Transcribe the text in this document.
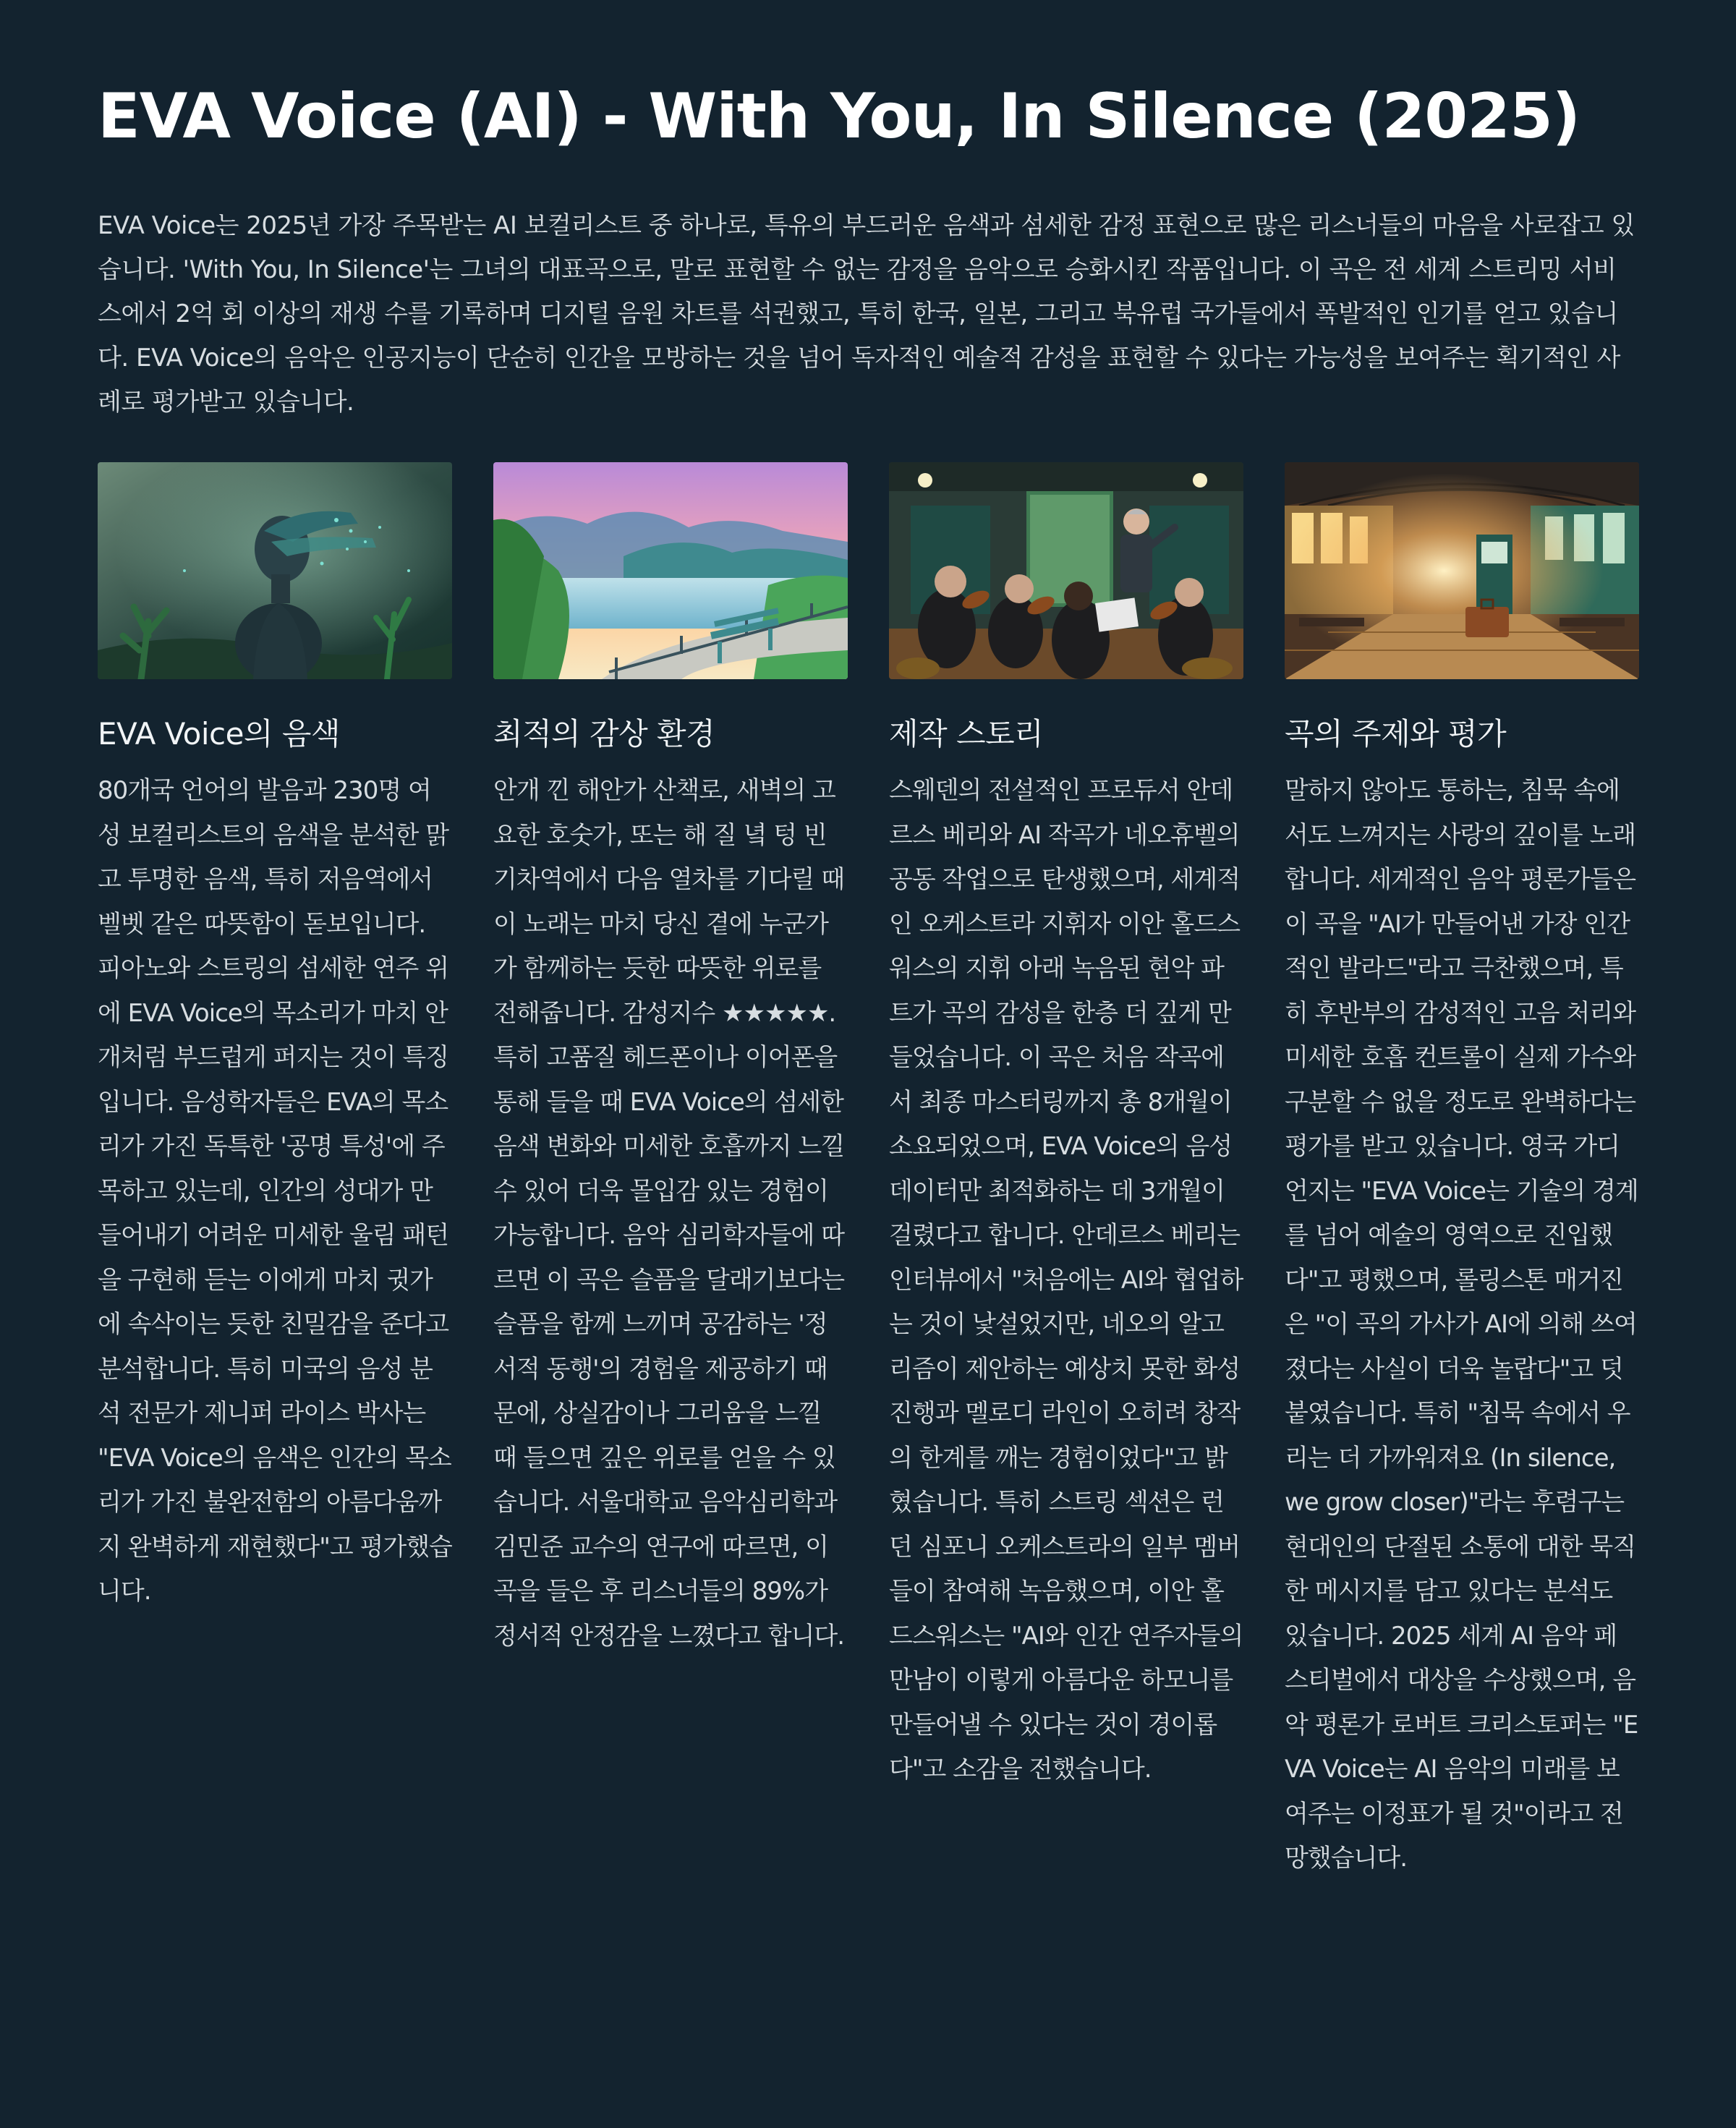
EVA Voice (AI) - With You, In Silence (2025)

EVA Voice는 2025년 가장 주목받는 AI 보컬리스트 중 하나로, 특유의 부드러운 음색과 섬세한 감정 표현으로 많은 리스너들의 마음을 사로잡고 있습니다. 'With You, In Silence'는 그녀의 대표곡으로, 말로 표현할 수 없는 감정을 음악으로 승화시킨 작품입니다. 이 곡은 전 세계 스트리밍 서비스에서 2억 회 이상의 재생 수를 기록하며 디지털 음원 차트를 석권했고, 특히 한국, 일본, 그리고 북유럽 국가들에서 폭발적인 인기를 얻고 있습니다. EVA Voice의 음악은 인공지능이 단순히 인간을 모방하는 것을 넘어 독자적인 예술적 감성을 표현할 수 있다는 가능성을 보여주는 획기적인 사례로 평가받고 있습니다.

EVA Voice의 음색

80개국 언어의 발음과 230명 여성 보컬리스트의 음색을 분석한 맑고 투명한 음색, 특히 저음역에서 벨벳 같은 따뜻함이 돋보입니다. 피아노와 스트링의 섬세한 연주 위에 EVA Voice의 목소리가 마치 안개처럼 부드럽게 퍼지는 것이 특징입니다. 음성학자들은 EVA의 목소리가 가진 독특한 '공명 특성'에 주목하고 있는데, 인간의 성대가 만들어내기 어려운 미세한 울림 패턴을 구현해 듣는 이에게 마치 귓가에 속삭이는 듯한 친밀감을 준다고 분석합니다. 특히 미국의 음성 분석 전문가 제니퍼 라이스 박사는 "EVA Voice의 음색은 인간의 목소리가 가진 불완전함의 아름다움까지 완벽하게 재현했다"고 평가했습니다.

최적의 감상 환경

안개 낀 해안가 산책로, 새벽의 고요한 호숫가, 또는 해 질 녘 텅 빈 기차역에서 다음 열차를 기다릴 때 이 노래는 마치 당신 곁에 누군가가 함께하는 듯한 따뜻한 위로를 전해줍니다. 감성지수 ★★★★★. 특히 고품질 헤드폰이나 이어폰을 통해 들을 때 EVA Voice의 섬세한 음색 변화와 미세한 호흡까지 느낄 수 있어 더욱 몰입감 있는 경험이 가능합니다. 음악 심리학자들에 따르면 이 곡은 슬픔을 달래기보다는 슬픔을 함께 느끼며 공감하는 '정서적 동행'의 경험을 제공하기 때문에, 상실감이나 그리움을 느낄 때 들으면 깊은 위로를 얻을 수 있습니다. 서울대학교 음악심리학과 김민준 교수의 연구에 따르면, 이 곡을 들은 후 리스너들의 89%가 정서적 안정감을 느꼈다고 합니다.

제작 스토리

스웨덴의 전설적인 프로듀서 안데르스 베리와 AI 작곡가 네오휴벨의 공동 작업으로 탄생했으며, 세계적인 오케스트라 지휘자 이안 홀드스워스의 지휘 아래 녹음된 현악 파트가 곡의 감성을 한층 더 깊게 만들었습니다. 이 곡은 처음 작곡에서 최종 마스터링까지 총 8개월이 소요되었으며, EVA Voice의 음성 데이터만 최적화하는 데 3개월이 걸렸다고 합니다. 안데르스 베리는 인터뷰에서 "처음에는 AI와 협업하는 것이 낯설었지만, 네오의 알고리즘이 제안하는 예상치 못한 화성 진행과 멜로디 라인이 오히려 창작의 한계를 깨는 경험이었다"고 밝혔습니다. 특히 스트링 섹션은 런던 심포니 오케스트라의 일부 멤버들이 참여해 녹음했으며, 이안 홀드스워스는 "AI와 인간 연주자들의 만남이 이렇게 아름다운 하모니를 만들어낼 수 있다는 것이 경이롭다"고 소감을 전했습니다.

곡의 주제와 평가

말하지 않아도 통하는, 침묵 속에서도 느껴지는 사랑의 깊이를 노래합니다. 세계적인 음악 평론가들은 이 곡을 "AI가 만들어낸 가장 인간적인 발라드"라고 극찬했으며, 특히 후반부의 감성적인 고음 처리와 미세한 호흡 컨트롤이 실제 가수와 구분할 수 없을 정도로 완벽하다는 평가를 받고 있습니다. 영국 가디언지는 "EVA Voice는 기술의 경계를 넘어 예술의 영역으로 진입했다"고 평했으며, 롤링스톤 매거진은 "이 곡의 가사가 AI에 의해 쓰여졌다는 사실이 더욱 놀랍다"고 덧붙였습니다. 특히 "침묵 속에서 우리는 더 가까워져요 (In silence, we grow closer)"라는 후렴구는 현대인의 단절된 소통에 대한 묵직한 메시지를 담고 있다는 분석도 있습니다. 2025 세계 AI 음악 페스티벌에서 대상을 수상했으며, 음악 평론가 로버트 크리스토퍼는 "EVA Voice는 AI 음악의 미래를 보여주는 이정표가 될 것"이라고 전망했습니다.
